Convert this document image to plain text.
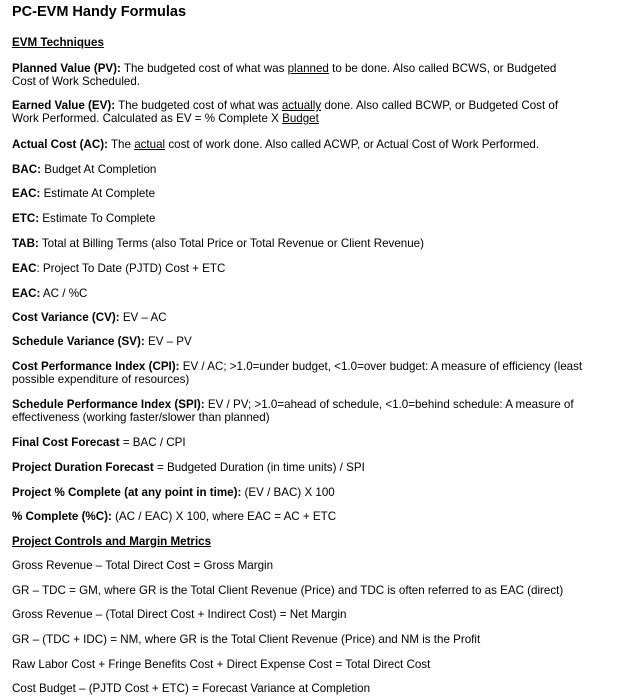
PC-EVM Handy Formulas
EVM Techniques
Planned Value (PV): The budgeted cost of what was planned to be done. Also called BCWS, or Budgeted
Cost of Work Scheduled.
Earned Value (EV): The budgeted cost of what was actually done. Also called BCWP, or Budgeted Cost of
Work Performed. Calculated as EV = % Complete X Budget
Actual Cost (AC): The actual cost of work done. Also called ACWP, or Actual Cost of Work Performed.
BAC: Budget At Completion
EAC: Estimate At Complete
ETC: Estimate To Complete
TAB: Total at Billing Terms (also Total Price or Total Revenue or Client Revenue)
EAC: Project To Date (PJTD) Cost + ETC
EAC: AC / %C
Cost Variance (CV): EV – AC
Schedule Variance (SV): EV – PV
Cost Performance Index (CPI): EV / AC; >1.0=under budget, <1.0=over budget: A measure of efficiency (least
possible expenditure of resources)
Schedule Performance Index (SPI): EV / PV; >1.0=ahead of schedule, <1.0=behind schedule: A measure of
effectiveness (working faster/slower than planned)
Final Cost Forecast = BAC / CPI
Project Duration Forecast = Budgeted Duration (in time units) / SPI
Project % Complete (at any point in time): (EV / BAC) X 100
% Complete (%C): (AC / EAC) X 100, where EAC = AC + ETC
Project Controls and Margin Metrics
Gross Revenue – Total Direct Cost = Gross Margin
GR – TDC = GM, where GR is the Total Client Revenue (Price) and TDC is often referred to as EAC (direct)
Gross Revenue – (Total Direct Cost + Indirect Cost) = Net Margin
GR – (TDC + IDC) = NM, where GR is the Total Client Revenue (Price) and NM is the Profit
Raw Labor Cost + Fringe Benefits Cost + Direct Expense Cost = Total Direct Cost
Cost Budget – (PJTD Cost + ETC) = Forecast Variance at Completion
